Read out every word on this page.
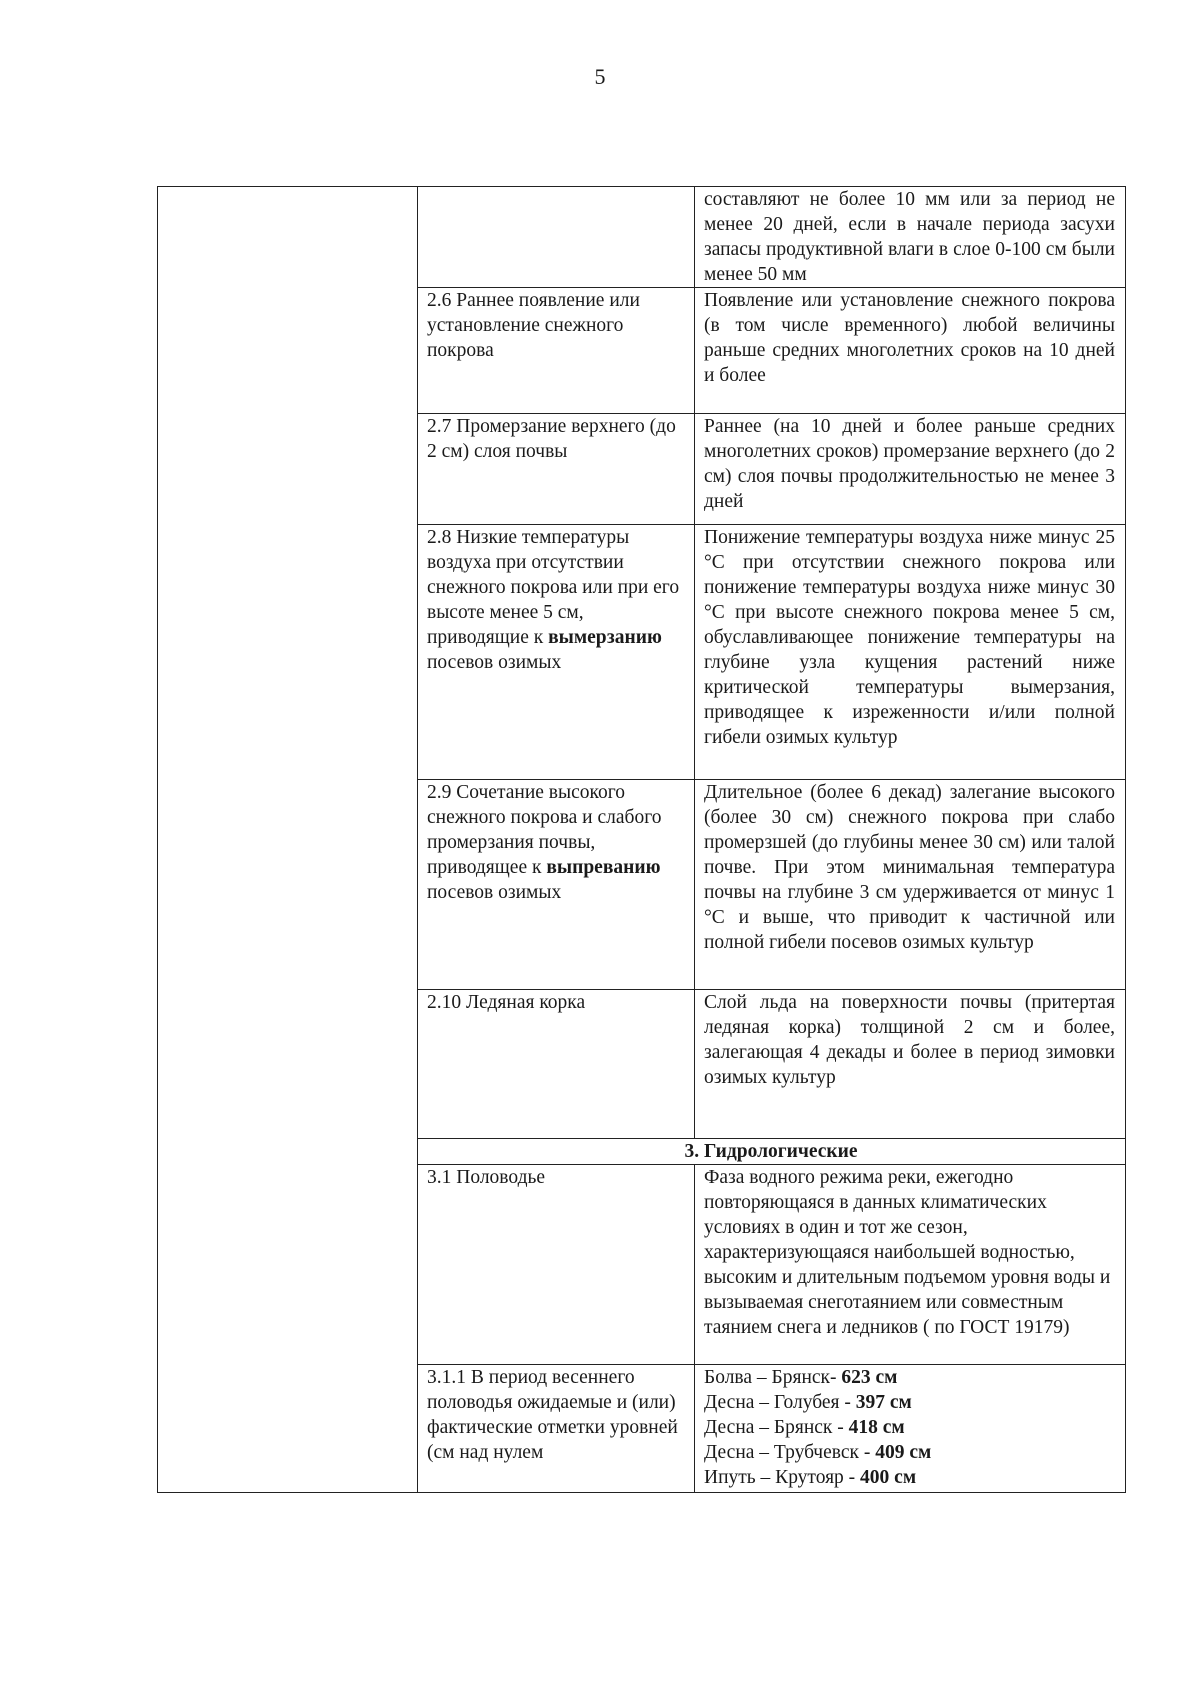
5
		составляют не более 10 мм или за период не менее 20 дней, если в начале периода засухи запасы продуктивной влаги в слое 0-100 см были менее 50 мм
	2.6 Раннее появление или установление снежного покрова	Появление или установление снежного покрова (в том числе временного) любой величины раньше средних многолетних сроков на 10 дней и более
	2.7 Промерзание верхнего (до 2 см) слоя почвы	Раннее (на 10 дней и более раньше средних многолетних сроков) промерзание верхнего (до 2 см) слоя почвы продолжительностью не менее 3 дней
	2.8 Низкие температуры воздуха при отсутствии снежного покрова или при его высоте менее 5 см, приводящие к вымерзанию посевов озимых	Понижение температуры воздуха ниже минус 25 °С при отсутствии снежного покрова или понижение температуры воздуха ниже минус 30 °С при высоте снежного покрова менее 5 см, обуславливающее понижение температуры на глубине узла кущения растений ниже критической температуры вымерзания, приводящее к изреженности и/или полной гибели озимых культур
	2.9 Сочетание высокого снежного покрова и слабого промерзания почвы, приводящее к выпреванию посевов озимых	Длительное (более 6 декад) залегание высокого (более 30 см) снежного покрова при слабо промерзшей (до глубины менее 30 см) или талой почве. При этом минимальная температура почвы на глубине 3 см удерживается от минус 1 °С и выше, что приводит к частичной или полной гибели посевов озимых культур
	2.10 Ледяная корка	Слой льда на поверхности почвы (притертая ледяная корка) толщиной 2 см и более, залегающая 4 декады и более в период зимовки озимых культур
	3. Гидрологические	
	3.1 Половодье	Фаза водного режима реки, ежегодно повторяющаяся в данных климатических условиях в один и тот же сезон, характеризующаяся наибольшей водностью, высоким и длительным подъемом уровня воды и вызываемая снеготаянием или совместным таянием снега и ледников ( по ГОСТ 19179)
	3.1.1 В период весеннего половодья ожидаемые и (или) фактические отметки уровней (см над нулем	Болва – Брянск- 623 см
Десна – Голубея - 397 см
Десна – Брянск - 418 см
Десна – Трубчевск - 409 см
Ипуть – Крутояр - 400 см
